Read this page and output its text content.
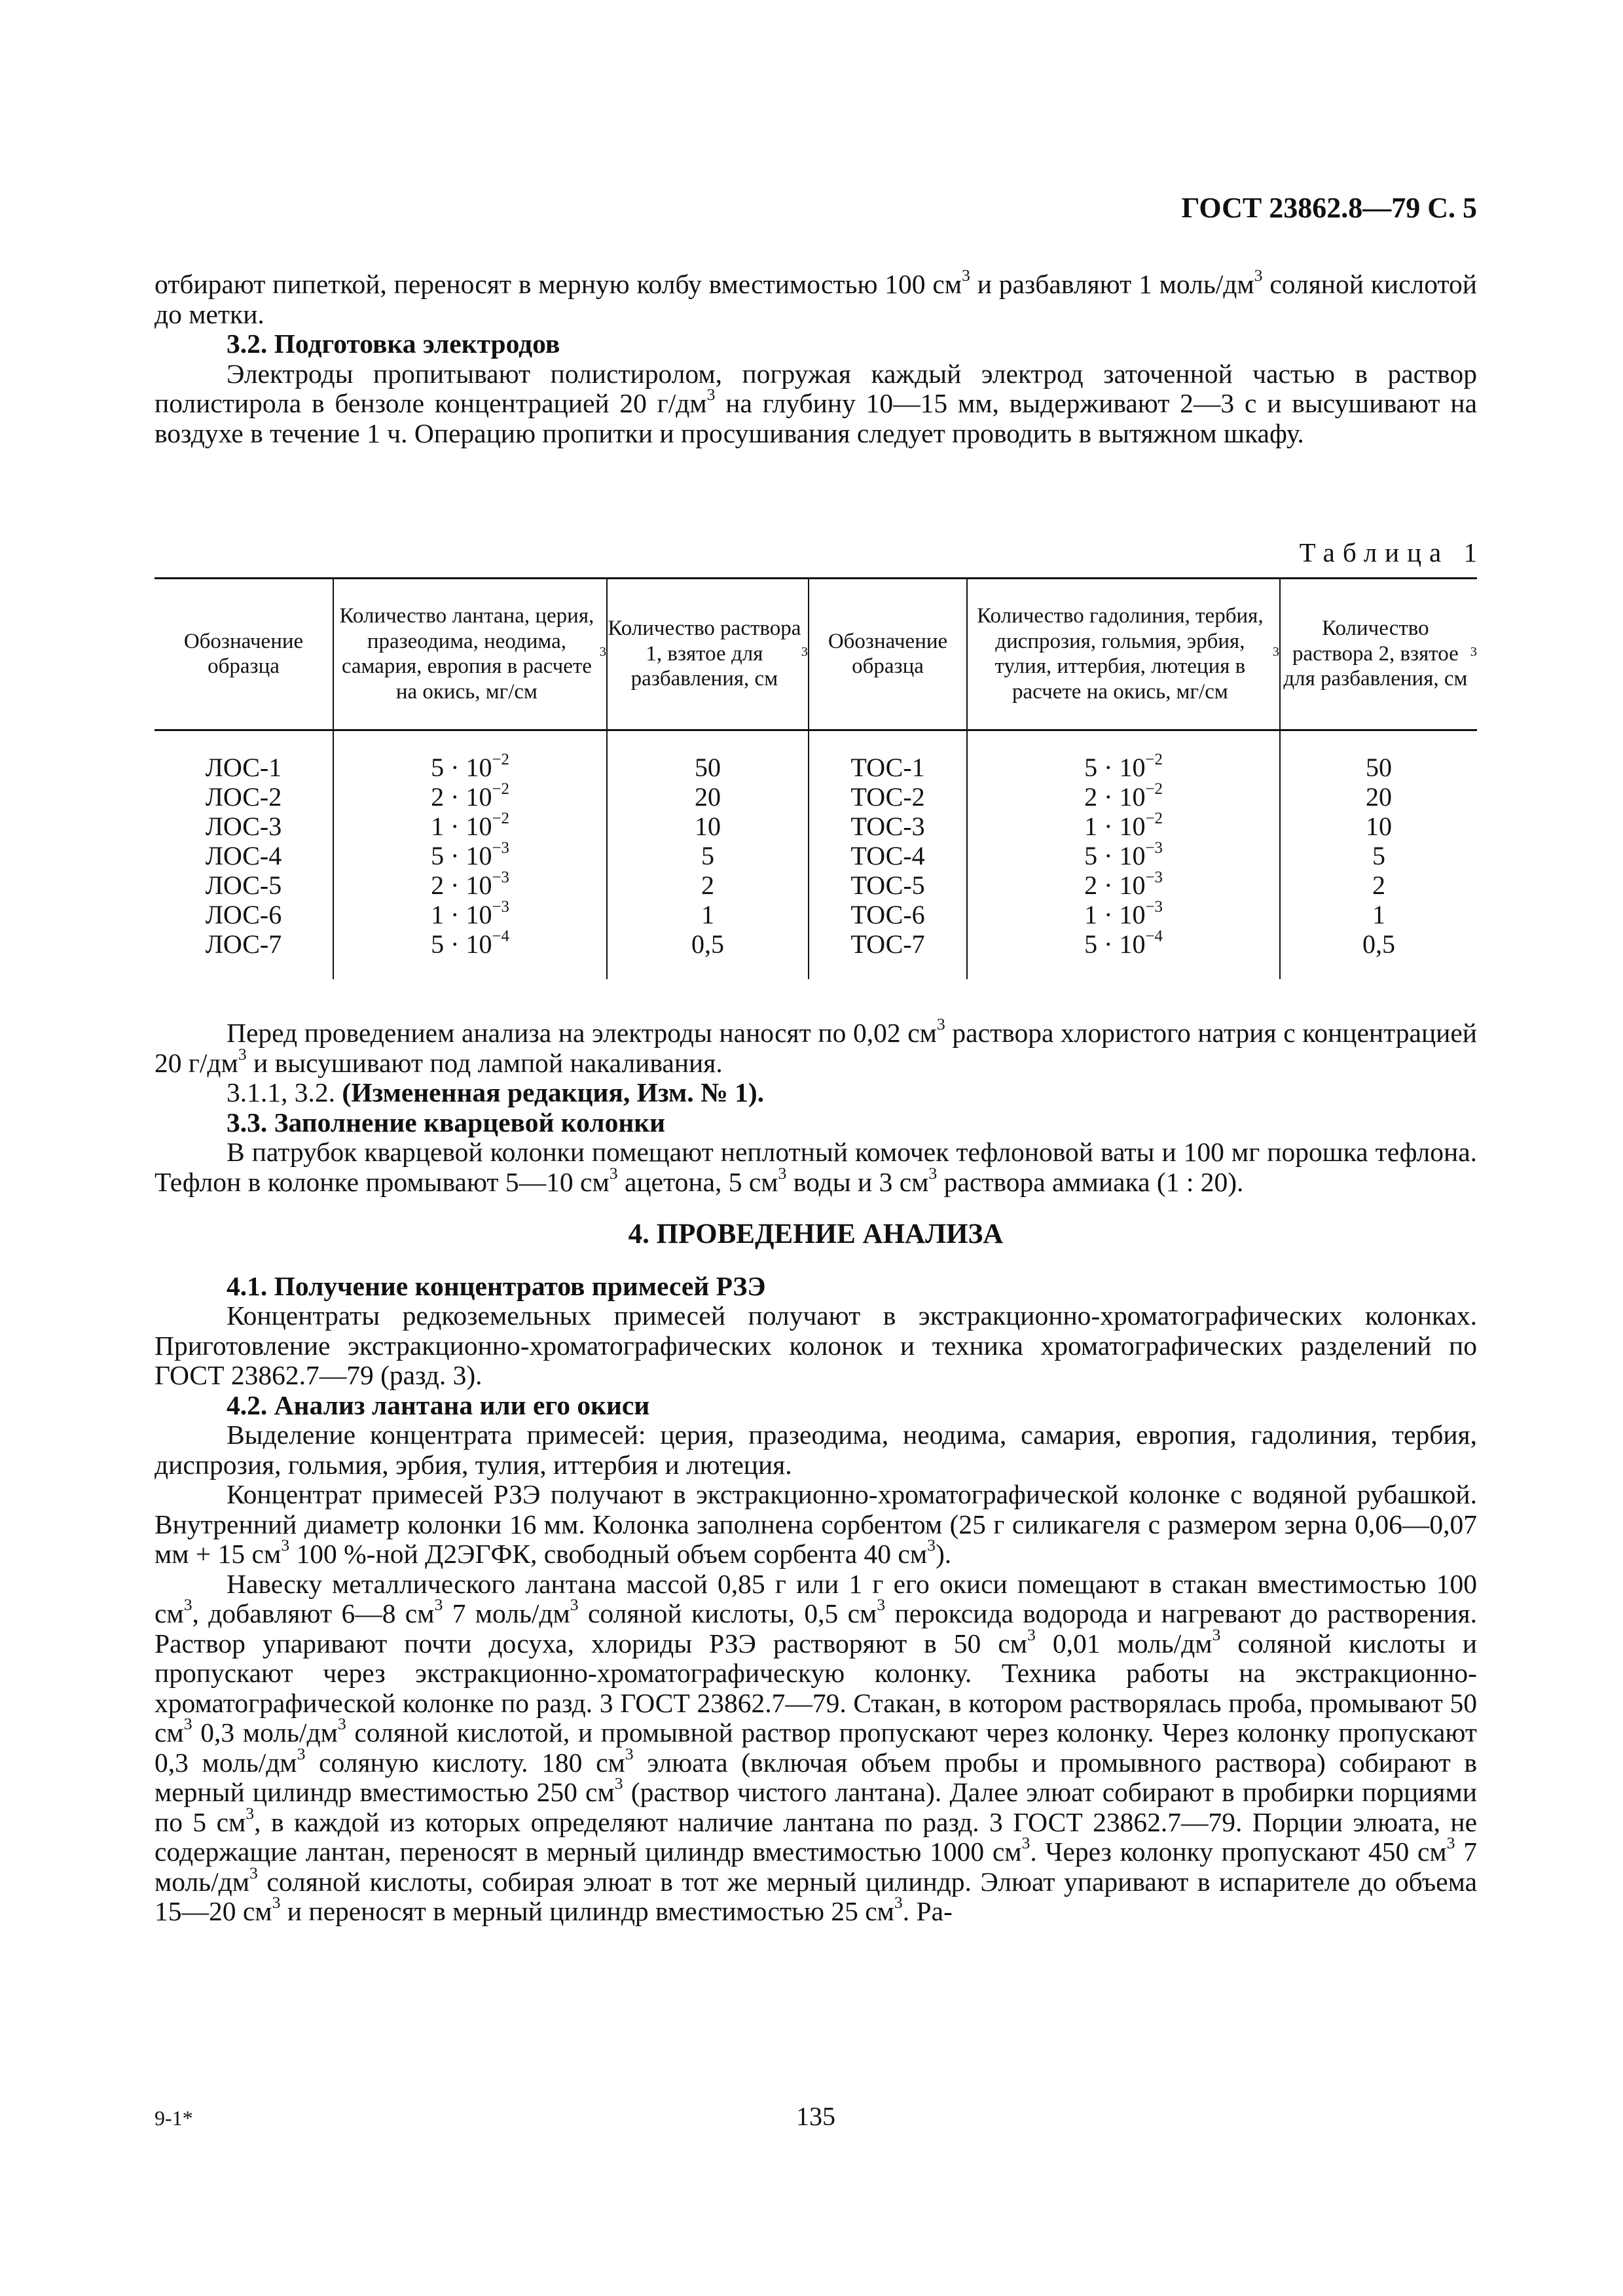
ГОСТ 23862.8—79 С. 5

отбирают пипеткой, переносят в мерную колбу вместимостью 100 $см^3$ и разбавляют 1 моль/$дм^3$ соляной кислотой до метки.

3.2. Подготовка электродов

Электроды пропитывают полистиролом, погружая каждый электрод заточенной частью в раствор полистирола в бензоле концентрацией 20 $г/дм^3$ на глубину 10—15 мм, выдерживают 2—3 с и высушивают на воздухе в течение 1 ч. Операцию пропитки и просушивания следует проводить в вытяжном шкафу.

Таблица 1
Обозначение образца
Количество лантана, церия, празеодима, неодима, самария, европия в расчете на окись, мг/см
$^3$
Количество раствора 1, взятое для разбавления, см
$^3$ Обозначение образца
Количество гадолиния, тербия, диспрозия, гольмия, эрбия, тулия, иттербия, лютеция в расчете на окись, мг/см
$^3$
Количество раствора 2, взятое для разбавления, см
$^3$
ЛОС-1
ЛОС-2
ЛОС-3
ЛОС-4
ЛОС-5
ЛОС-6
ЛОС-7
$5 \cdot 10^{-2}$
$2 \cdot 10^{-2}$
$1 \cdot 10^{-2}$
$5 \cdot 10^{-3}$
$2 \cdot 10^{-3}$
$1 \cdot 10^{-3}$
$5 \cdot 10^{-4}$
50
20
10
5
2
1
0,5
ТОС-1
ТОС-2
ТОС-3
ТОС-4
ТОС-5
ТОС-6
ТОС-7
$5 \cdot 10^{-2}$
$2 \cdot 10^{-2}$
$1 \cdot 10^{-2}$
$5 \cdot 10^{-3}$
$2 \cdot 10^{-3}$
$1 \cdot 10^{-3}$
$5 \cdot 10^{-4}$
50
20
10
5
2
1
0,5

Перед проведением анализа на электроды наносят по 0,02 $см^3$ раствора хлористого натрия с концентрацией 20 $г/дм^3$ и высушивают под лампой накаливания.

3.1.1, 3.2. (Измененная редакция, Изм. № 1).

3.3. Заполнение кварцевой колонки

В патрубок кварцевой колонки помещают неплотный комочек тефлоновой ваты и 100 мг порошка тефлона. Тефлон в колонке промывают 5—10 $см^3$ ацетона, 5 $см^3$ воды и 3 $см^3$ раствора аммиака (1 : 20).

4. ПРОВЕДЕНИЕ АНАЛИЗА

4.1. Получение концентратов примесей РЗЭ

Концентраты редкоземельных примесей получают в экстракционно-хроматографических колонках. Приготовление экстракционно-хроматографических колонок и техника хроматографических разделений по ГОСТ 23862.7—79 (разд. 3).

4.2. Анализ лантана или его окиси

Выделение концентрата примесей: церия, празеодима, неодима, самария, европия, гадолиния, тербия, диспрозия, гольмия, эрбия, тулия, иттербия и лютеция.

Концентрат примесей РЗЭ получают в экстракционно-хроматографической колонке с водяной рубашкой. Внутренний диаметр колонки 16 мм. Колонка заполнена сорбентом (25 г силикагеля с размером зерна 0,06—0,07 мм + 15 $см^3$ 100 %-ной Д2ЭГФК, свободный объем сорбента 40 $см^3$).

Навеску металлического лантана массой 0,85 г или 1 г его окиси помещают в стакан вместимостью 100 $см^3$, добавляют 6—8 $см^3$ 7 моль/$дм^3$ соляной кислоты, 0,5 $см^3$ пероксида водорода и нагревают до растворения. Раствор упаривают почти досуха, хлориды РЗЭ растворяют в 50 $см^3$ 0,01 моль/$дм^3$ соляной кислоты и пропускают через экстракционно-хроматографическую колонку. Техника работы на экстракционно-хроматографической колонке по разд. 3 ГОСТ 23862.7—79. Стакан, в котором растворялась проба, промывают 50 $см^3$ 0,3 моль/$дм^3$ соляной кислотой, и промывной раствор пропускают через колонку. Через колонку пропускают 0,3 моль/$дм^3$ соляную кислоту. 180 $см^3$ элюата (включая объем пробы и промывного раствора) собирают в мерный цилиндр вместимостью 250 $см^3$ (раствор чистого лантана). Далее элюат собирают в пробирки порциями по 5 $см^3$, в каждой из которых определяют наличие лантана по разд. 3 ГОСТ 23862.7—79. Порции элюата, не содержащие лантан, переносят в мерный цилиндр вместимостью 1000 $см^3$. Через колонку пропускают 450 $см^3$ 7 моль/$дм^3$ соляной кислоты, собирая элюат в тот же мерный цилиндр. Элюат упаривают в испарителе до объема 15—20 $см^3$ и переносят в мерный цилиндр вместимостью 25 $см^3$. Ра-

9-1*	135
